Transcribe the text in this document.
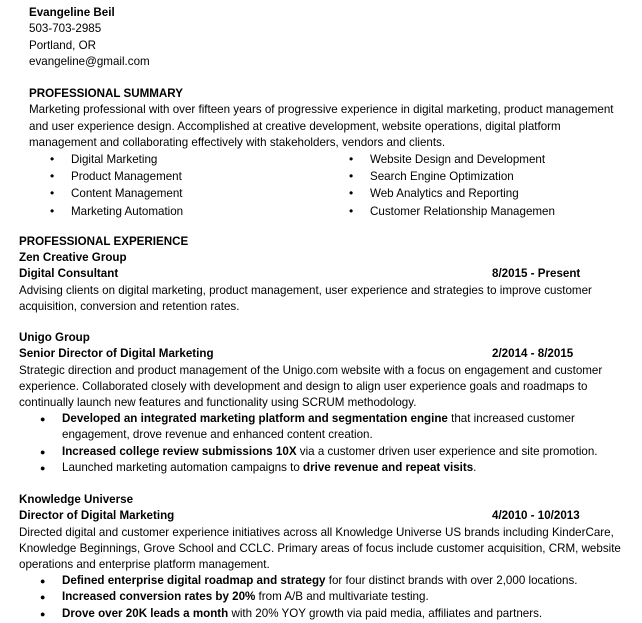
Evangeline Beil
503-703-2985
Portland, OR
evangeline@gmail.com
PROFESSIONAL SUMMARY
Marketing professional with over fifteen years of progressive experience in digital marketing, product management and user experience design. Accomplished at creative development, website operations, digital platform management and collaborating effectively with stakeholders, vendors and clients.
• Digital Marketing
• Product Management
• Content Management
• Marketing Automation
• Website Design and Development
• Search Engine Optimization
• Web Analytics and Reporting
• Customer Relationship Managemen
PROFESSIONAL EXPERIENCE
Zen Creative Group
Digital Consultant	8/2015 - Present
Advising clients on digital marketing, product management, user experience and strategies to improve customer acquisition, conversion and retention rates.
Unigo Group
Senior Director of Digital Marketing	2/2014 - 8/2015
Strategic direction and product management of the Unigo.com website with a focus on engagement and customer experience. Collaborated closely with development and design to align user experience goals and roadmaps to continually launch new features and functionality using SCRUM methodology.
● Developed an integrated marketing platform and segmentation engine that increased customer engagement, drove revenue and enhanced content creation.
● Increased college review submissions 10X via a customer driven user experience and site promotion.
● Launched marketing automation campaigns to drive revenue and repeat visits.
Knowledge Universe
Director of Digital Marketing	4/2010 - 10/2013
Directed digital and customer experience initiatives across all Knowledge Universe US brands including KinderCare, Knowledge Beginnings, Grove School and CCLC. Primary areas of focus include customer acquisition, CRM, website operations and enterprise platform management.
● Defined enterprise digital roadmap and strategy for four distinct brands with over 2,000 locations.
● Increased conversion rates by 20% from A/B and multivariate testing.
● Drove over 20K leads a month with 20% YOY growth via paid media, affiliates and partners.
